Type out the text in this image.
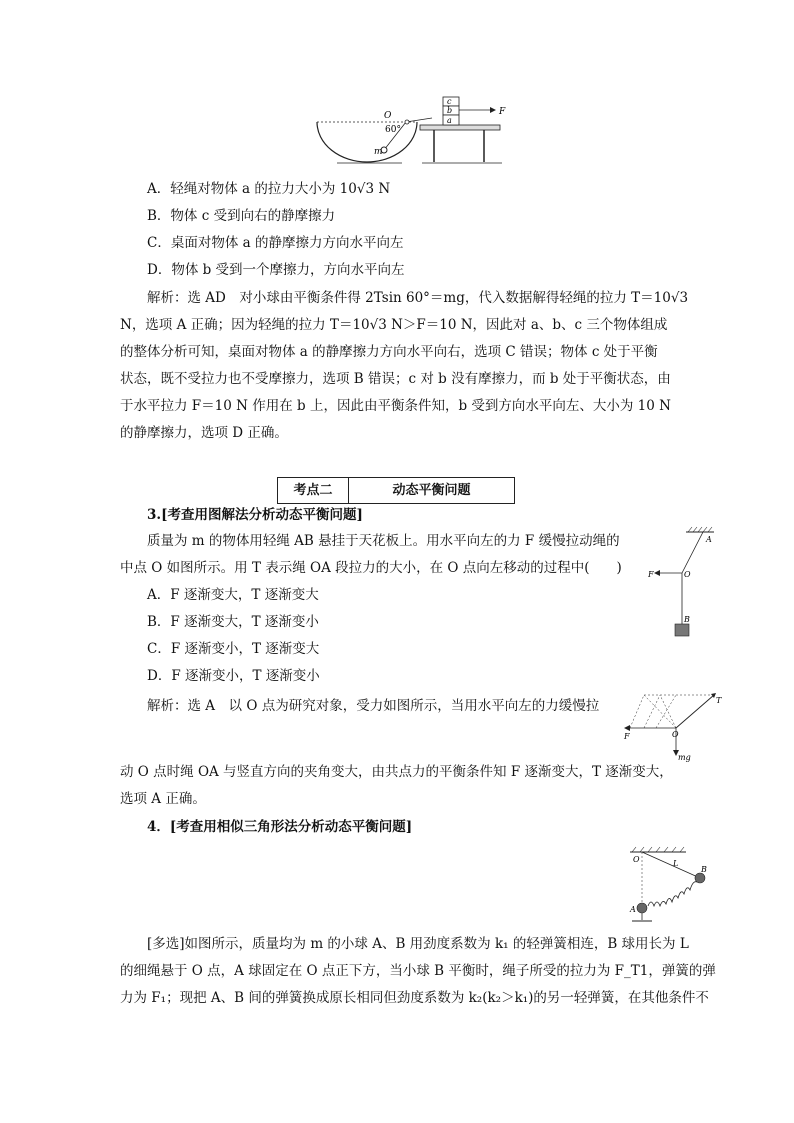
O
60°
m
c
b
a
F
A．轻绳对物体 a 的拉力大小为 10√3 N
B．物体 c 受到向右的静摩擦力
C．桌面对物体 a 的静摩擦力方向水平向左
D．物体 b 受到一个摩擦力，方向水平向左
解析：选 AD　对小球由平衡条件得 2Tsin 60°＝mg，代入数据解得轻绳的拉力 T＝10√3
N，选项 A 正确；因为轻绳的拉力 T＝10√3 N＞F＝10 N，因此对 a、b、c 三个物体组成
的整体分析可知，桌面对物体 a 的静摩擦力方向水平向右，选项 C 错误；物体 c 处于平衡
状态，既不受拉力也不受摩擦力，选项 B 错误；c 对 b 没有摩擦力，而 b 处于平衡状态，由
于水平拉力 F＝10 N 作用在 b 上，因此由平衡条件知，b 受到方向水平向左、大小为 10 N
的静摩擦力，选项 D 正确。
考点二	动态平衡问题
3.[考查用图解法分析动态平衡问题]
质量为 m 的物体用轻绳 AB 悬挂于天花板上。用水平向左的力 F 缓慢拉动绳的
中点 O 如图所示。用 T 表示绳 OA 段拉力的大小，在 O 点向左移动的过程中(　　)
A．F 逐渐变大，T 逐渐变大
B．F 逐渐变大，T 逐渐变小
C．F 逐渐变小，T 逐渐变大
D．F 逐渐变小，T 逐渐变小
A
F	O
B
解析：选 A　以 O 点为研究对象，受力如图所示，当用水平向左的力缓慢拉	T
F	O
mg
动 O 点时绳 OA 与竖直方向的夹角变大，由共点力的平衡条件知 F 逐渐变大，T 逐渐变大，
选项 A 正确。
4．[考查用相似三角形法分析动态平衡问题]
O	L
B
A
[多选]如图所示，质量均为 m 的小球 A、B 用劲度系数为 k₁ 的轻弹簧相连，B 球用长为 L
的细绳悬于 O 点，A 球固定在 O 点正下方，当小球 B 平衡时，绳子所受的拉力为 F_T1，弹簧的弹
力为 F₁；现把 A、B 间的弹簧换成原长相同但劲度系数为 k₂(k₂＞k₁)的另一轻弹簧，在其他条件不
